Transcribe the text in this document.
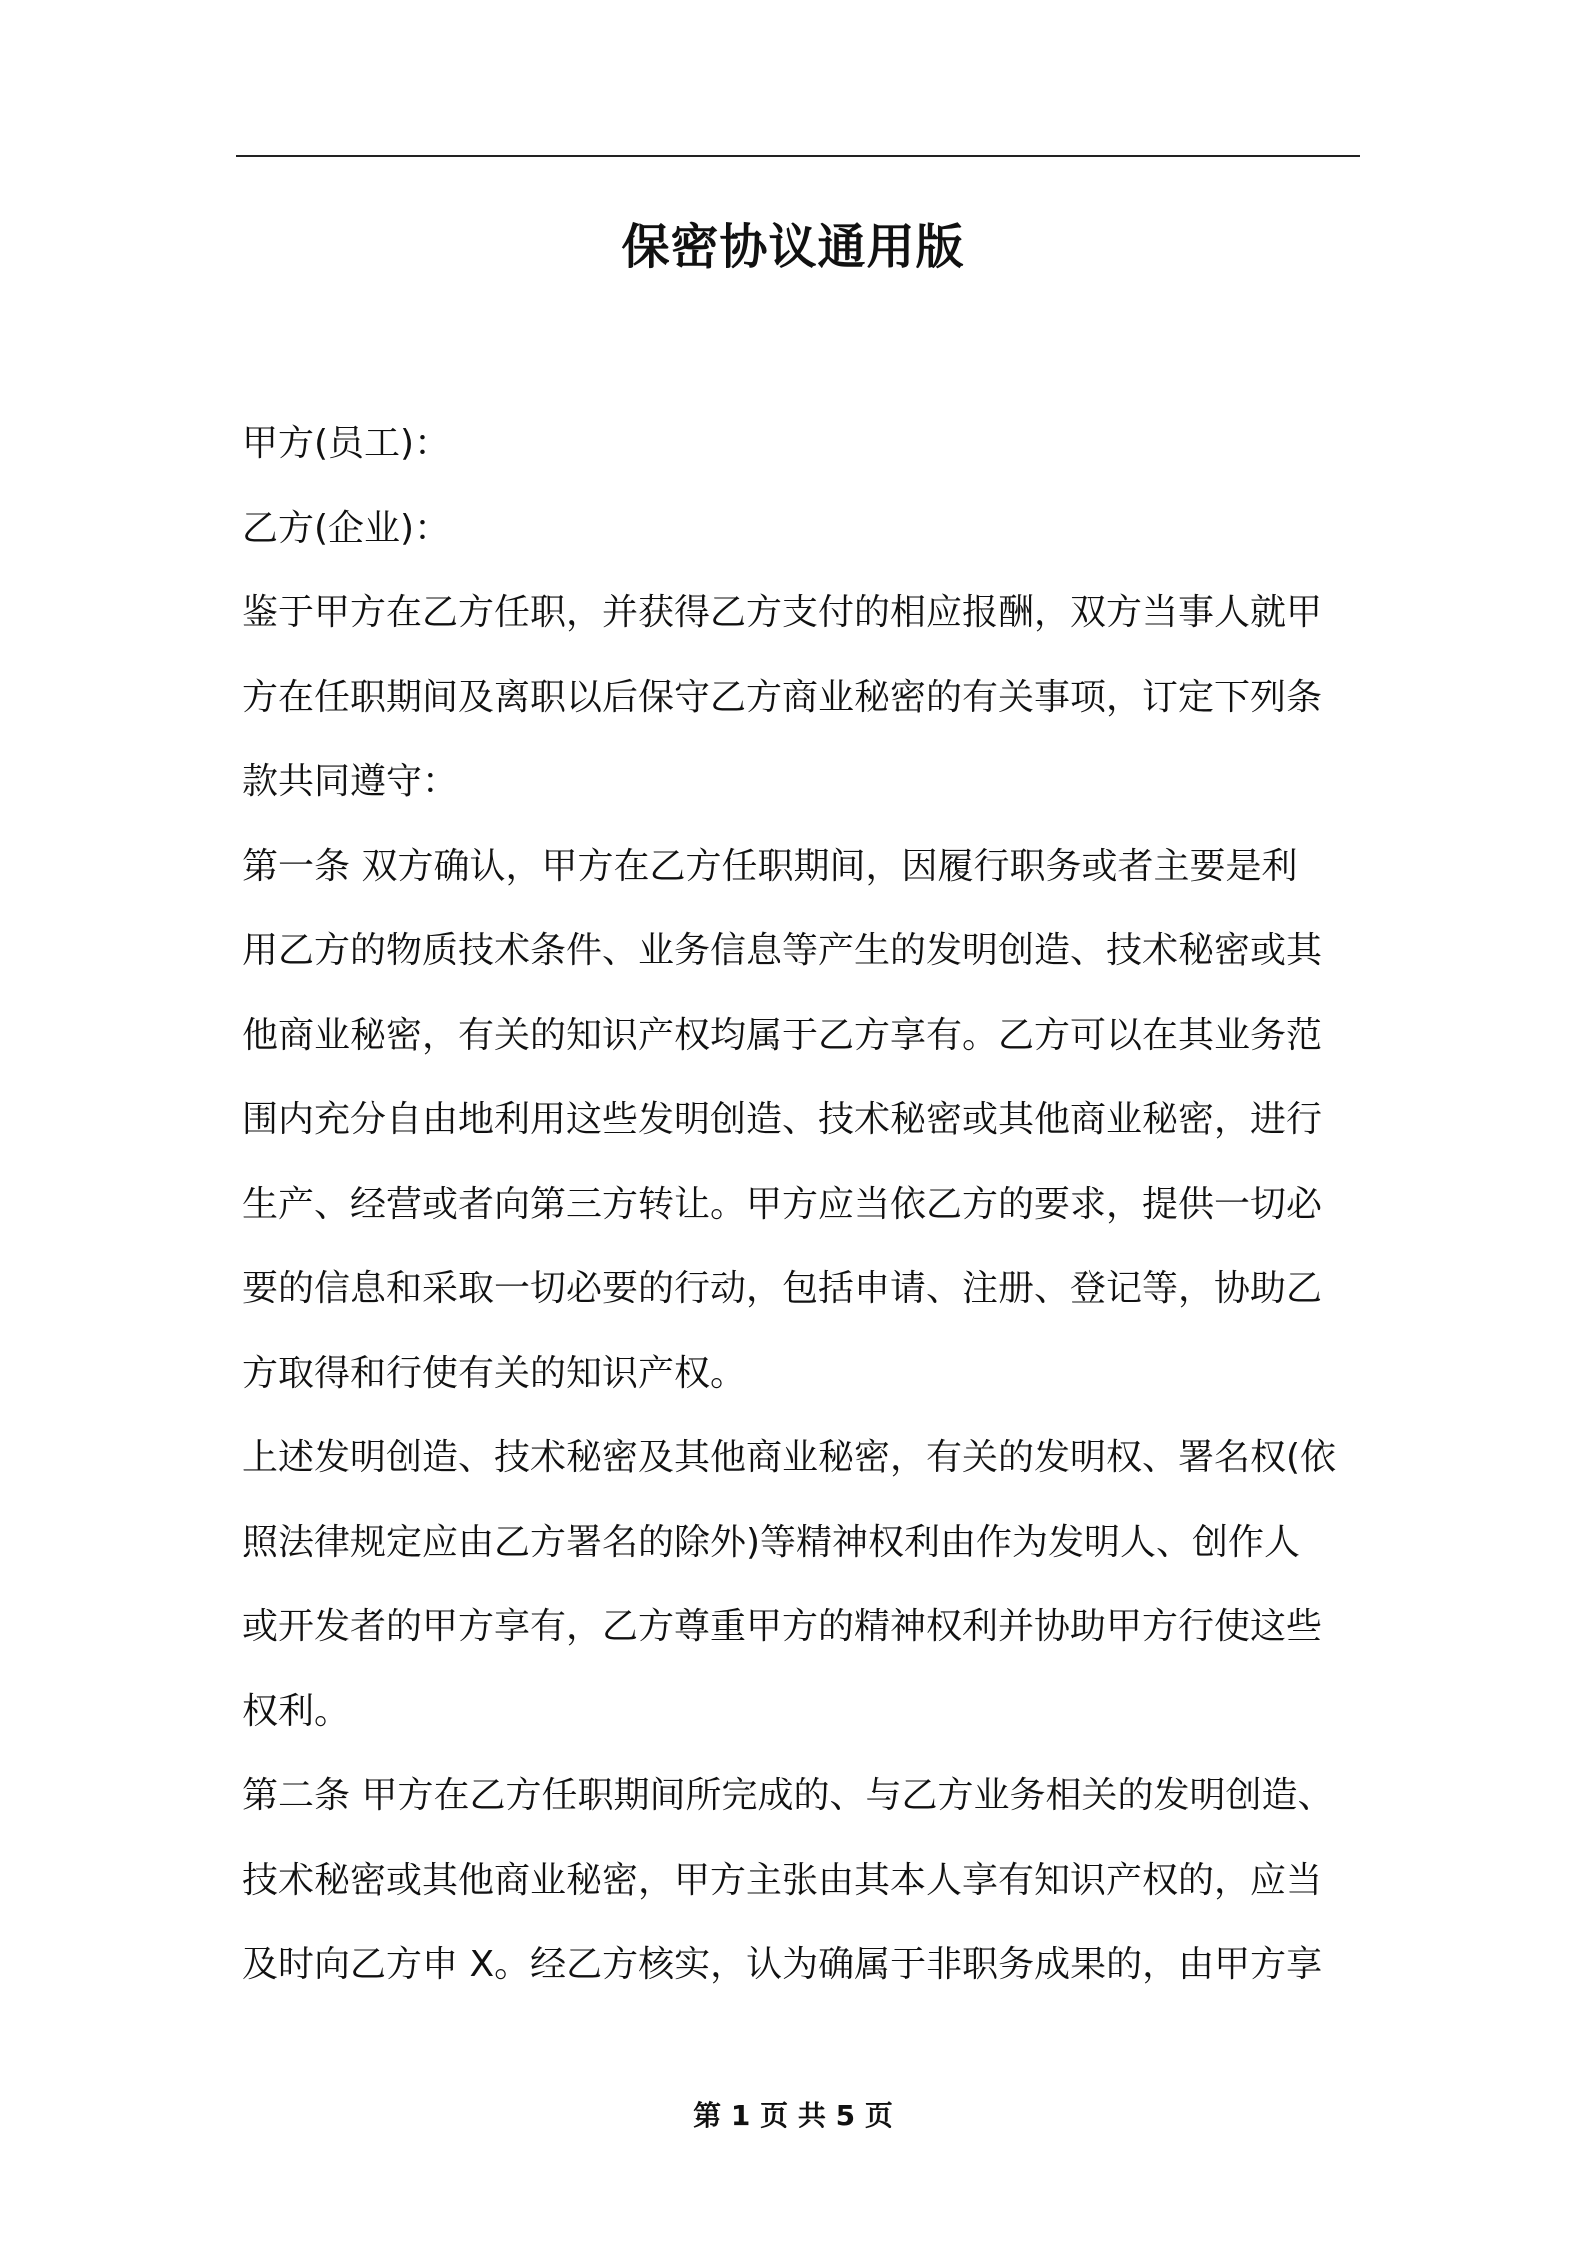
保密协议通用版
甲方(员工)：
乙方(企业)：
鉴于甲方在乙方任职，并获得乙方支付的相应报酬，双方当事人就甲
方在任职期间及离职以后保守乙方商业秘密的有关事项，订定下列条
款共同遵守：
第一条 双方确认，甲方在乙方任职期间，因履行职务或者主要是利
用乙方的物质技术条件、业务信息等产生的发明创造、技术秘密或其
他商业秘密，有关的知识产权均属于乙方享有。乙方可以在其业务范
围内充分自由地利用这些发明创造、技术秘密或其他商业秘密，进行
生产、经营或者向第三方转让。甲方应当依乙方的要求，提供一切必
要的信息和采取一切必要的行动，包括申请、注册、登记等，协助乙
方取得和行使有关的知识产权。
上述发明创造、技术秘密及其他商业秘密，有关的发明权、署名权(依
照法律规定应由乙方署名的除外)等精神权利由作为发明人、创作人
或开发者的甲方享有，乙方尊重甲方的精神权利并协助甲方行使这些
权利。
第二条 甲方在乙方任职期间所完成的、与乙方业务相关的发明创造、
技术秘密或其他商业秘密，甲方主张由其本人享有知识产权的，应当
及时向乙方申 X。经乙方核实，认为确属于非职务成果的，由甲方享
第 1 页 共 5 页
